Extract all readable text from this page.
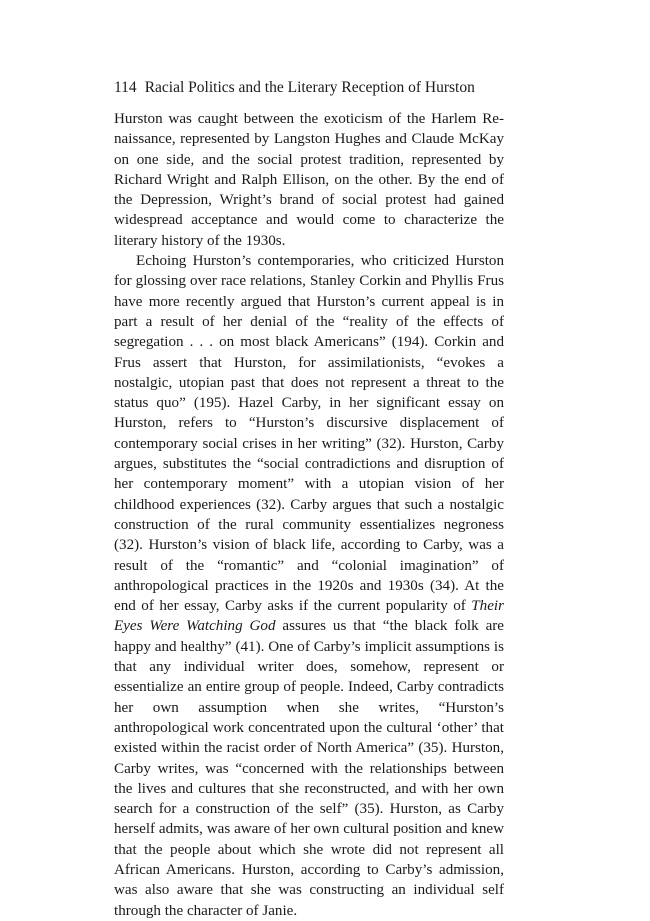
114 Racial Politics and the Literary Reception of Hurston

Hurston was caught between the exoticism of the Harlem Renaissance, represented by Langston Hughes and Claude McKay on one side, and the social protest tradition, represented by Richard Wright and Ralph Ellison, on the other. By the end of the Depression, Wright’s brand of social protest had gained widespread acceptance and would come to characterize the literary history of the 1930s.

Echoing Hurston’s contemporaries, who criticized Hurston for glossing over race relations, Stanley Corkin and Phyllis Frus have more recently argued that Hurston’s current appeal is in part a result of her denial of the “reality of the effects of segregation . . . on most black Americans” (194). Corkin and Frus assert that Hurston, for assimilationists, “evokes a nostalgic, utopian past that does not represent a threat to the status quo” (195). Hazel Carby, in her significant essay on Hurston, refers to “Hurston’s discursive displacement of contemporary social crises in her writing” (32). Hurston, Carby argues, substitutes the “social contradictions and disruption of her contemporary moment” with a utopian vision of her childhood experiences (32). Carby argues that such a nostalgic construction of the rural community essentializes negroness (32). Hurston’s vision of black life, according to Carby, was a result of the “romantic” and “colonial imagination” of anthropological practices in the 1920s and 1930s (34). At the end of her essay, Carby asks if the current popularity of Their Eyes Were Watching God assures us that “the black folk are happy and healthy” (41). One of Carby’s implicit assumptions is that any individual writer does, somehow, represent or essentialize an entire group of people. Indeed, Carby contradicts her own assumption when she writes, “Hurston’s anthropological work concentrated upon the cultural ‘other’ that existed within the racist order of North America” (35). Hurston, Carby writes, was “concerned with the relationships between the lives and cultures that she reconstructed, and with her own search for a construction of the self” (35). Hurston, as Carby herself admits, was aware of her own cultural position and knew that the people about which she wrote did not represent all African Americans. Hurston, according to Carby’s admission, was also aware that she was constructing an individual self through the character of Janie.
